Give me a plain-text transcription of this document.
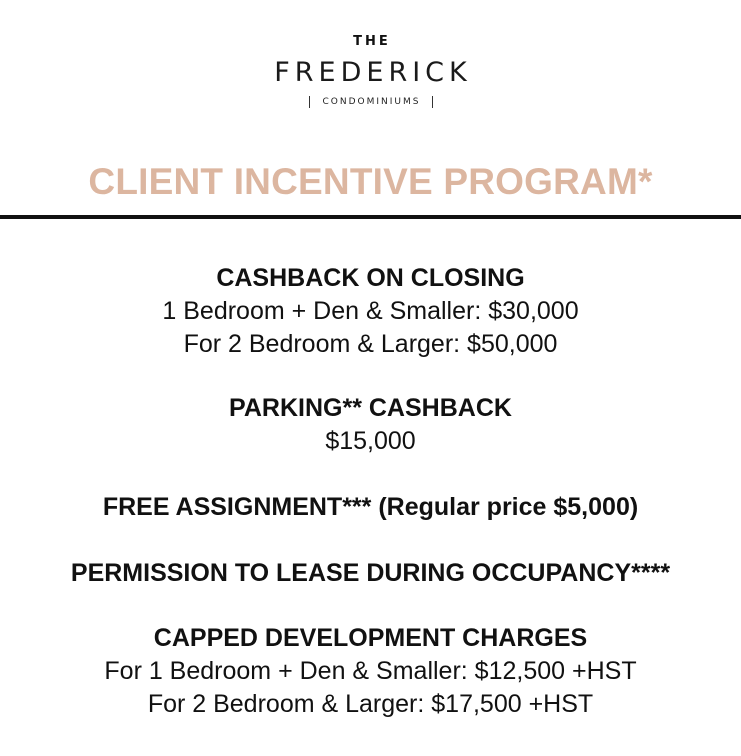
THE
FREDERICK
CONDOMINIUMS
CLIENT INCENTIVE PROGRAM*
CASHBACK ON CLOSING
1 Bedroom + Den & Smaller: $30,000
For 2 Bedroom & Larger: $50,000
PARKING** CASHBACK
$15,000
FREE ASSIGNMENT*** (Regular price $5,000)
PERMISSION TO LEASE DURING OCCUPANCY****
CAPPED DEVELOPMENT CHARGES
For 1 Bedroom + Den & Smaller: $12,500 +HST
For 2 Bedroom & Larger: $17,500 +HST
